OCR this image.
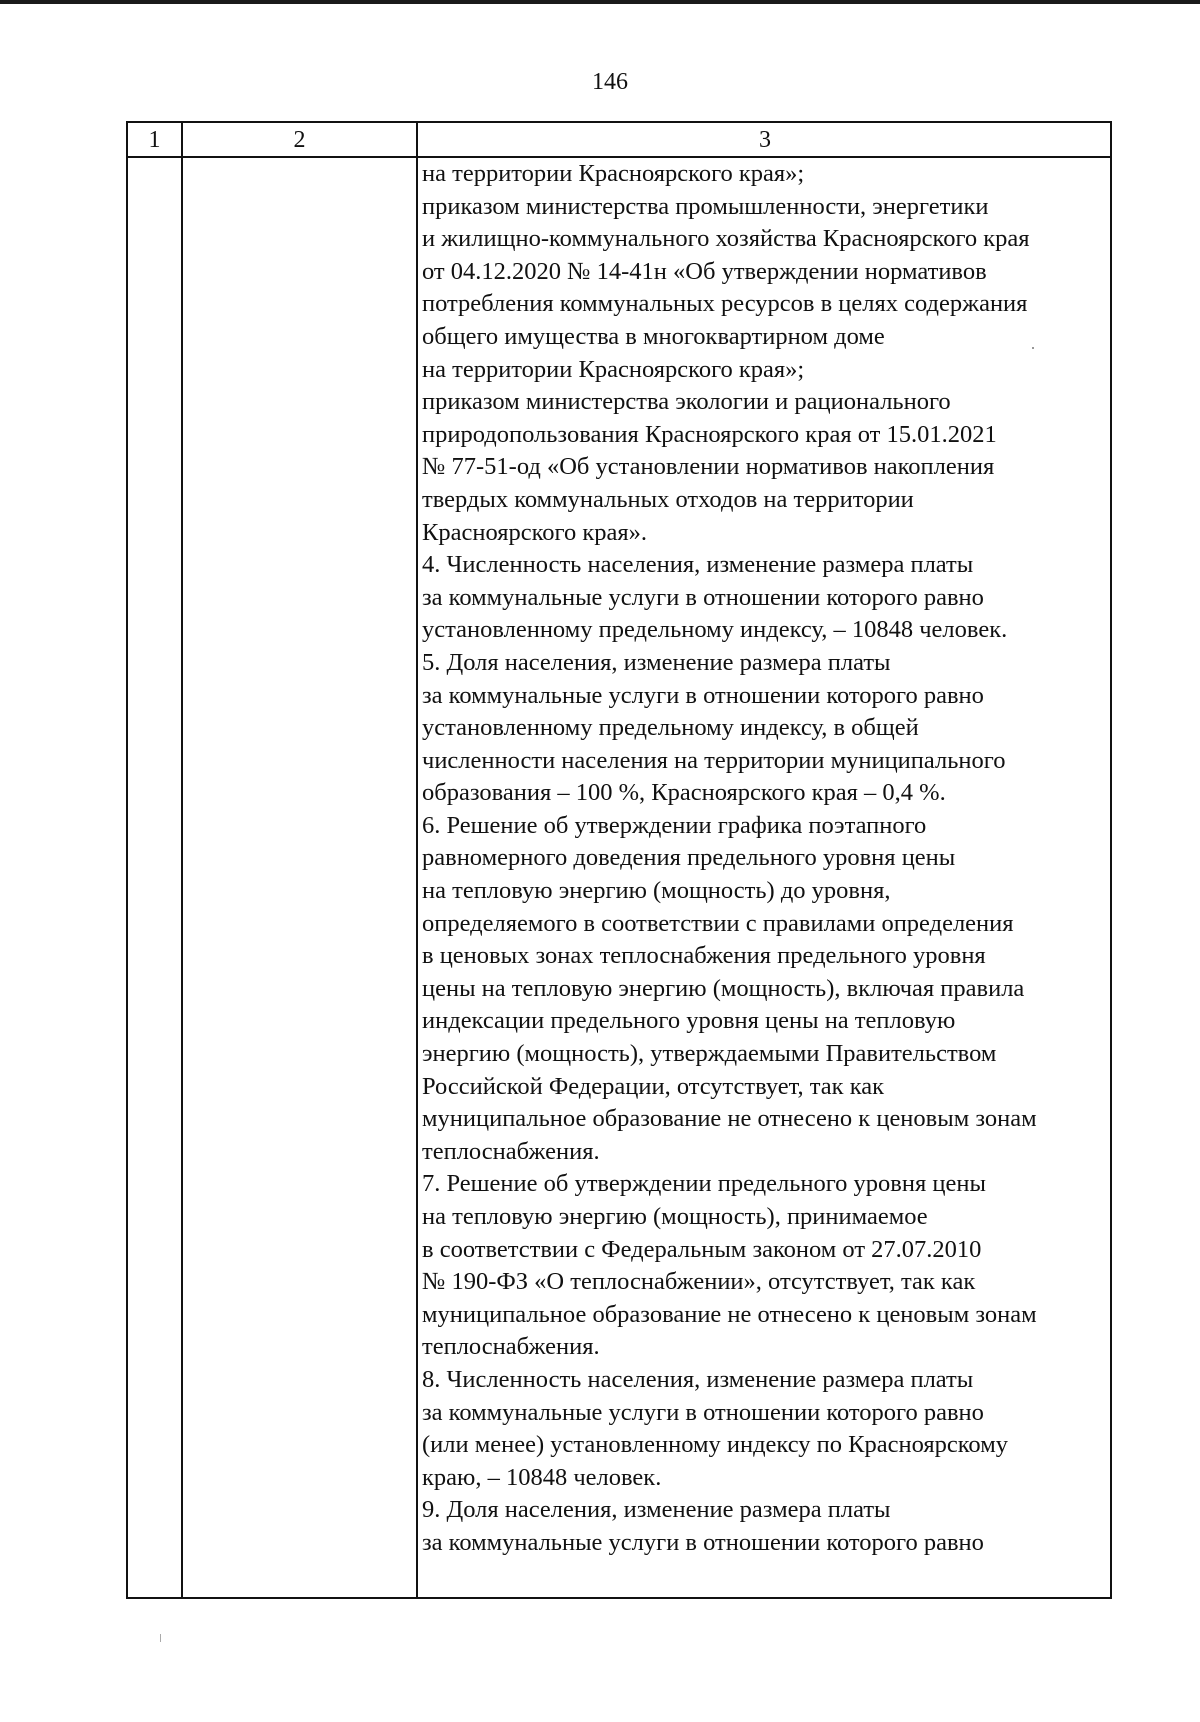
146
1	2	3
на территории Красноярского края»;
приказом министерства промышленности, энергетики
и жилищно-коммунального хозяйства Красноярского края
от 04.12.2020 № 14-41н «Об утверждении нормативов
потребления коммунальных ресурсов в целях содержания
общего имущества в многоквартирном доме
на территории Красноярского края»;
приказом министерства экологии и рационального
природопользования Красноярского края от 15.01.2021
№ 77-51-од «Об установлении нормативов накопления
твердых коммунальных отходов на территории
Красноярского края».
4. Численность населения, изменение размера платы
за коммунальные услуги в отношении которого равно
установленному предельному индексу, – 10848 человек.
5. Доля населения, изменение размера платы
за коммунальные услуги в отношении которого равно
установленному предельному индексу, в общей
численности населения на территории муниципального
образования – 100 %, Красноярского края – 0,4 %.
6. Решение об утверждении графика поэтапного
равномерного доведения предельного уровня цены
на тепловую энергию (мощность) до уровня,
определяемого в соответствии с правилами определения
в ценовых зонах теплоснабжения предельного уровня
цены на тепловую энергию (мощность), включая правила
индексации предельного уровня цены на тепловую
энергию (мощность), утверждаемыми Правительством
Российской Федерации, отсутствует, так как
муниципальное образование не отнесено к ценовым зонам
теплоснабжения.
7. Решение об утверждении предельного уровня цены
на тепловую энергию (мощность), принимаемое
в соответствии с Федеральным законом от 27.07.2010
№ 190-ФЗ «О теплоснабжении», отсутствует, так как
муниципальное образование не отнесено к ценовым зонам
теплоснабжения.
8. Численность населения, изменение размера платы
за коммунальные услуги в отношении которого равно
(или менее) установленному индексу по Красноярскому
краю, – 10848 человек.
9. Доля населения, изменение размера платы
за коммунальные услуги в отношении которого равно
